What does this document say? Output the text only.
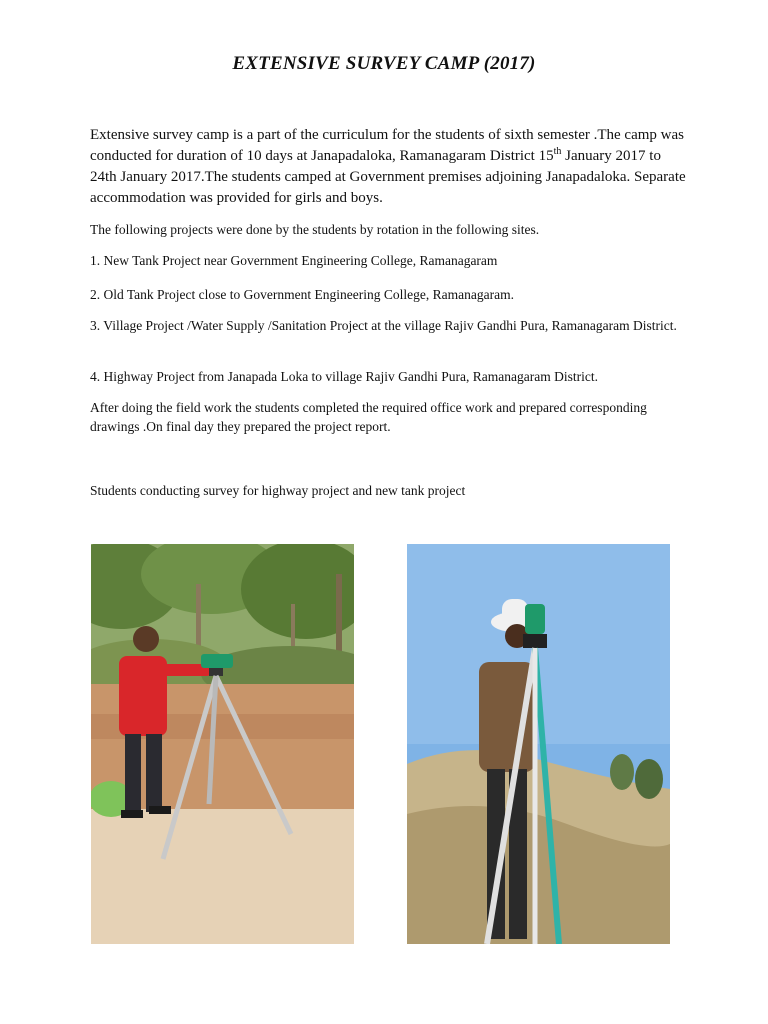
EXTENSIVE SURVEY CAMP (2017)
Extensive survey camp is a part of the curriculum for the students of sixth semester .The camp was conducted for duration of 10 days at Janapadaloka, Ramanagaram District 15th January 2017 to 24th January 2017.The students camped at Government premises adjoining Janapadaloka. Separate accommodation was provided for girls and boys.
The following projects were done by the students by rotation in the following sites.
1. New Tank Project near Government Engineering College, Ramanagaram
2. Old Tank Project close to Government Engineering College, Ramanagaram.
3. Village Project /Water Supply /Sanitation Project at the village Rajiv Gandhi Pura, Ramanagaram District.
4. Highway Project from Janapada Loka to village Rajiv Gandhi Pura, Ramanagaram District.
After doing the field work the students completed the required office work and prepared corresponding drawings .On final day they prepared the project report.
Students conducting survey for highway project and new tank project
